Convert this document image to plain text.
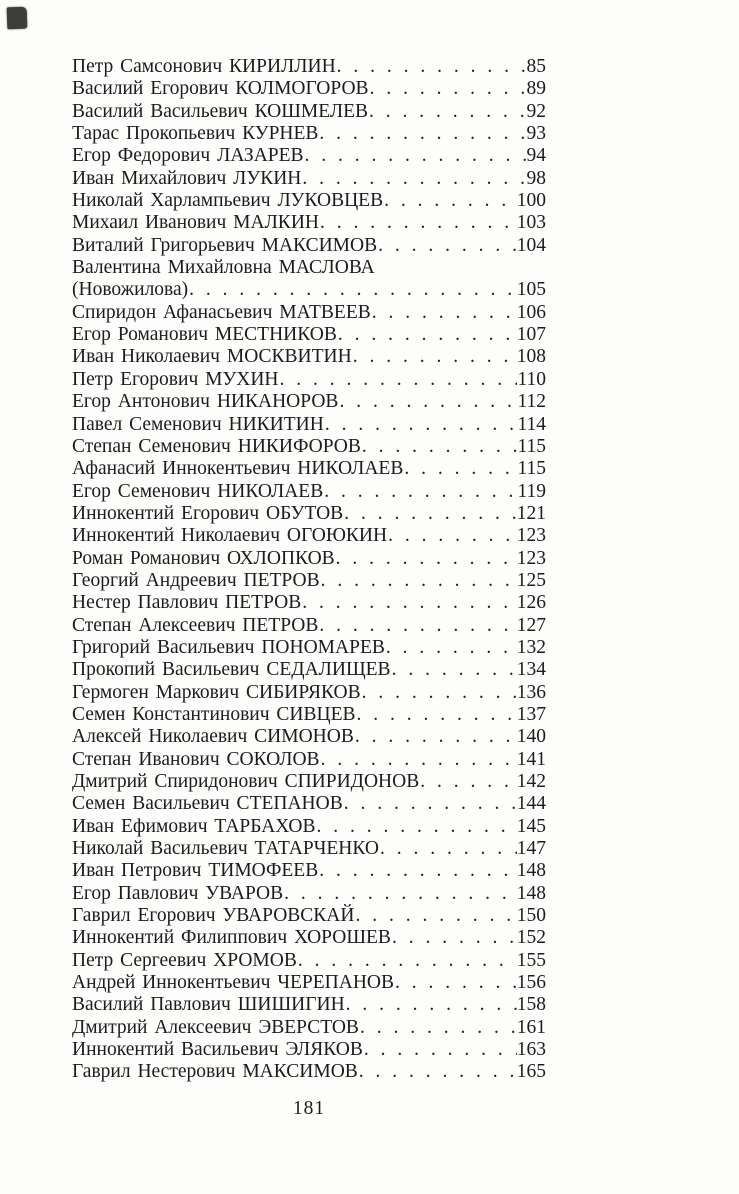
Петр Самсонович КИРИЛЛИН . . .	85
Василий Егорович КОЛМОГОРОВ . . .	89
Василий Васильевич КОШМЕЛЕВ . . .	92
Тарас Прокопьевич КУРНЕВ . . .	93
Егор Федорович ЛАЗАРЕВ . . .	94
Иван Михайлович ЛУКИН . . .	98
Николай Харлампьевич ЛУКОВЦЕВ . . .	100
Михаил Иванович МАЛКИН . . .	103
Виталий Григорьевич МАКСИМОВ . . .	104
Валентина Михайловна МАСЛОВА
(Новожилова) . . .	105
Спиридон Афанасьевич МАТВЕЕВ . . .	106
Егор Романович МЕСТНИКОВ . . .	107
Иван Николаевич МОСКВИТИН . . .	108
Петр Егорович МУХИН . . .	110
Егор Антонович НИКАНОРОВ . . .	112
Павел Семенович НИКИТИН . . .	114
Степан Семенович НИКИФОРОВ . . .	115
Афанасий Иннокентьевич НИКОЛАЕВ . . .	115
Егор Семенович НИКОЛАЕВ . . .	119
Иннокентий Егорович ОБУТОВ . . .	121
Иннокентий Николаевич ОГОЮКИН . . .	123
Роман Романович ОХЛОПКОВ . . .	123
Георгий Андреевич ПЕТРОВ . . .	125
Нестер Павлович ПЕТРОВ . . .	126
Степан Алексеевич ПЕТРОВ . . .	127
Григорий Васильевич ПОНОМАРЕВ . . .	132
Прокопий Васильевич СЕДАЛИЩЕВ . . .	134
Гермоген Маркович СИБИРЯКОВ . . .	136
Семен Константинович СИВЦЕВ . . .	137
Алексей Николаевич СИМОНОВ . . .	140
Степан Иванович СОКОЛОВ . . .	141
Дмитрий Спиридонович СПИРИДОНОВ . . .	142
Семен Васильевич СТЕПАНОВ . . .	144
Иван Ефимович ТАРБАХОВ . . .	145
Николай Васильевич ТАТАРЧЕНКО . . .	147
Иван Петрович ТИМОФЕЕВ . . .	148
Егор Павлович УВАРОВ . . .	148
Гаврил Егорович УВАРОВСКАЙ . . .	150
Иннокентий Филиппович ХОРОШЕВ . . .	152
Петр Сергеевич ХРОМОВ . . .	155
Андрей Иннокентьевич ЧЕРЕПАНОВ . . .	156
Василий Павлович ШИШИГИН . . .	158
Дмитрий Алексеевич ЭВЕРСТОВ . . .	161
Иннокентий Васильевич ЭЛЯКОВ . . .	163
Гаврил Нестерович МАКСИМОВ . . .	165
181
